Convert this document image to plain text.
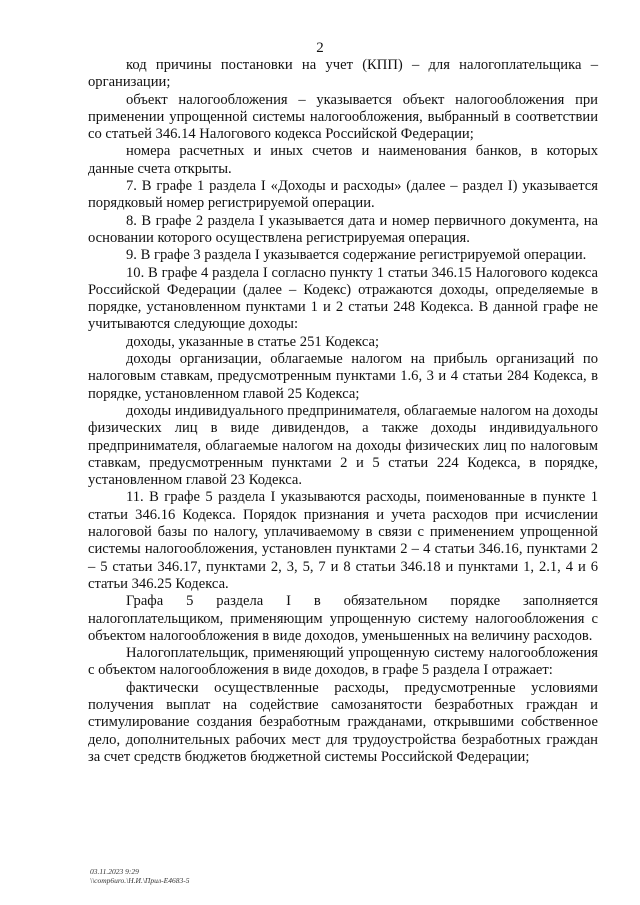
2

код причины постановки на учет (КПП) – для налогоплательщика – организации;

объект налогообложения – указывается объект налогообложения при применении упрощенной системы налогообложения, выбранный в соответствии со статьей 346.14 Налогового кодекса Российской Федерации;

номера расчетных и иных счетов и наименования банков, в которых данные счета открыты.

7. В графе 1 раздела I «Доходы и расходы» (далее – раздел I) указывается порядковый номер регистрируемой операции.

8. В графе 2 раздела I указывается дата и номер первичного документа, на основании которого осуществлена регистрируемая операция.

9. В графе 3 раздела I указывается содержание регистрируемой операции.

10. В графе 4 раздела I согласно пункту 1 статьи 346.15 Налогового кодекса Российской Федерации (далее – Кодекс) отражаются доходы, определяемые в порядке, установленном пунктами 1 и 2 статьи 248 Кодекса. В данной графе не учитываются следующие доходы:

доходы, указанные в статье 251 Кодекса;

доходы организации, облагаемые налогом на прибыль организаций по налоговым ставкам, предусмотренным пунктами 1.6, 3 и 4 статьи 284 Кодекса, в порядке, установленном главой 25 Кодекса;

доходы индивидуального предпринимателя, облагаемые налогом на доходы физических лиц в виде дивидендов, а также доходы индивидуального предпринимателя, облагаемые налогом на доходы физических лиц по налоговым ставкам, предусмотренным пунктами 2 и 5 статьи 224 Кодекса, в порядке, установленном главой 23 Кодекса.

11. В графе 5 раздела I указываются расходы, поименованные в пункте 1 статьи 346.16 Кодекса. Порядок признания и учета расходов при исчислении налоговой базы по налогу, уплачиваемому в связи с применением упрощенной системы налогообложения, установлен пунктами 2 – 4 статьи 346.16, пунктами 2 – 5 статьи 346.17, пунктами 2, 3, 5, 7 и 8 статьи 346.18 и пунктами 1, 2.1, 4 и 6 статьи 346.25 Кодекса.

Графа 5 раздела I в обязательном порядке заполняется налогоплательщиком, применяющим упрощенную систему налогообложения с объектом налогообложения в виде доходов, уменьшенных на величину расходов.

Налогоплательщик, применяющий упрощенную систему налогообложения с объектом налогообложения в виде доходов, в графе 5 раздела I отражает:

фактически осуществленные расходы, предусмотренные условиями получения выплат на содействие самозанятости безработных граждан и стимулирование создания безработным гражданами, открывшими собственное дело, дополнительных рабочих мест для трудоустройства безработных граждан за счет средств бюджетов бюджетной системы Российской Федерации;

03.11.2023 9:29
\\comp6uro.\Н.И.\Прил-Е4683-5
